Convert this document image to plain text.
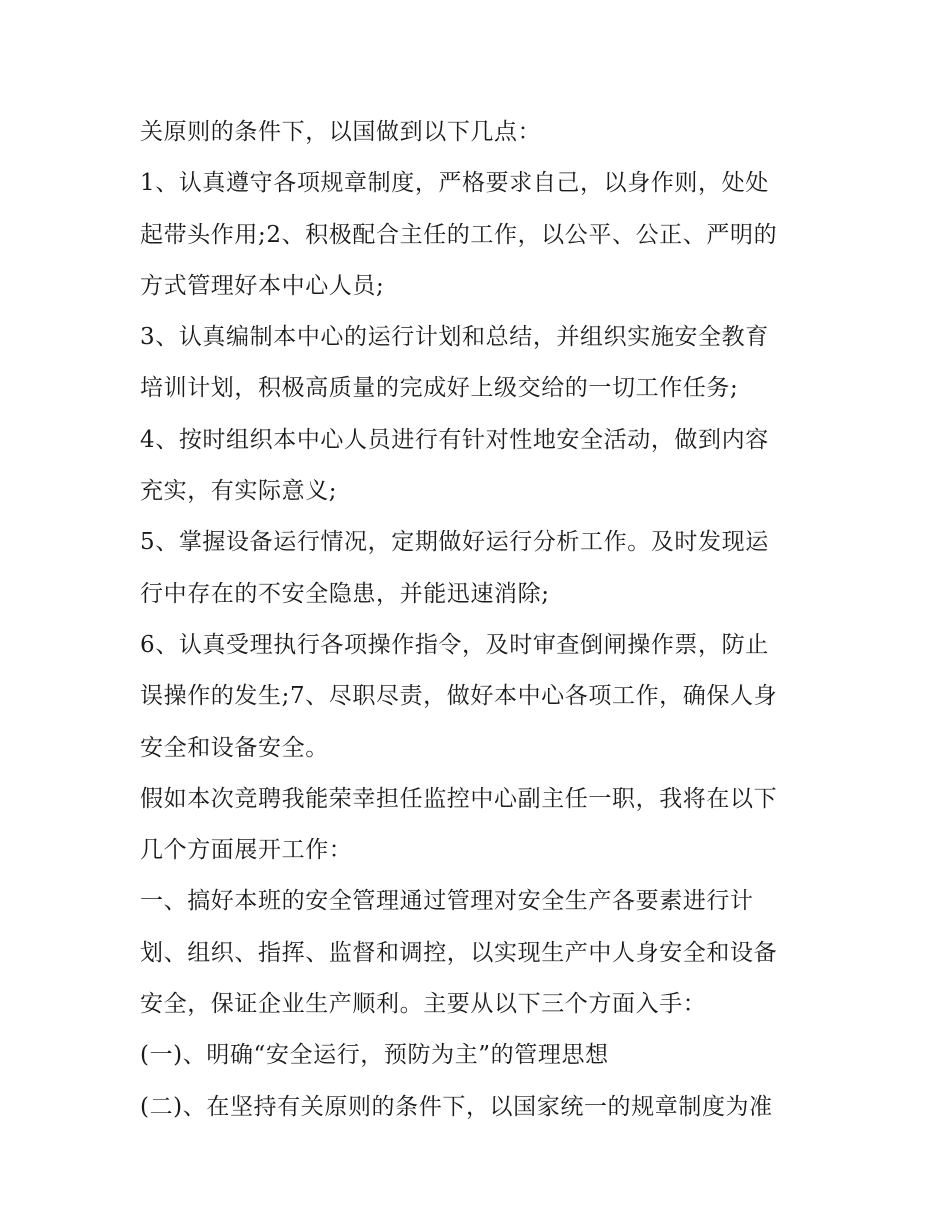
关原则的条件下，以国做到以下几点：
1、认真遵守各项规章制度，严格要求自己，以身作则，处处
起带头作用;2、积极配合主任的工作，以公平、公正、严明的
方式管理好本中心人员;
3、认真编制本中心的运行计划和总结，并组织实施安全教育
培训计划，积极高质量的完成好上级交给的一切工作任务;
4、按时组织本中心人员进行有针对性地安全活动，做到内容
充实，有实际意义;
5、掌握设备运行情况，定期做好运行分析工作。及时发现运
行中存在的不安全隐患，并能迅速消除;
6、认真受理执行各项操作指令，及时审查倒闸操作票，防止
误操作的发生;7、尽职尽责，做好本中心各项工作，确保人身
安全和设备安全。
假如本次竞聘我能荣幸担任监控中心副主任一职，我将在以下
几个方面展开工作：
一、搞好本班的安全管理通过管理对安全生产各要素进行计
划、组织、指挥、监督和调控，以实现生产中人身安全和设备
安全，保证企业生产顺利。主要从以下三个方面入手：
(一)、明确“安全运行，预防为主”的管理思想
(二)、在坚持有关原则的条件下，以国家统一的规章制度为准
